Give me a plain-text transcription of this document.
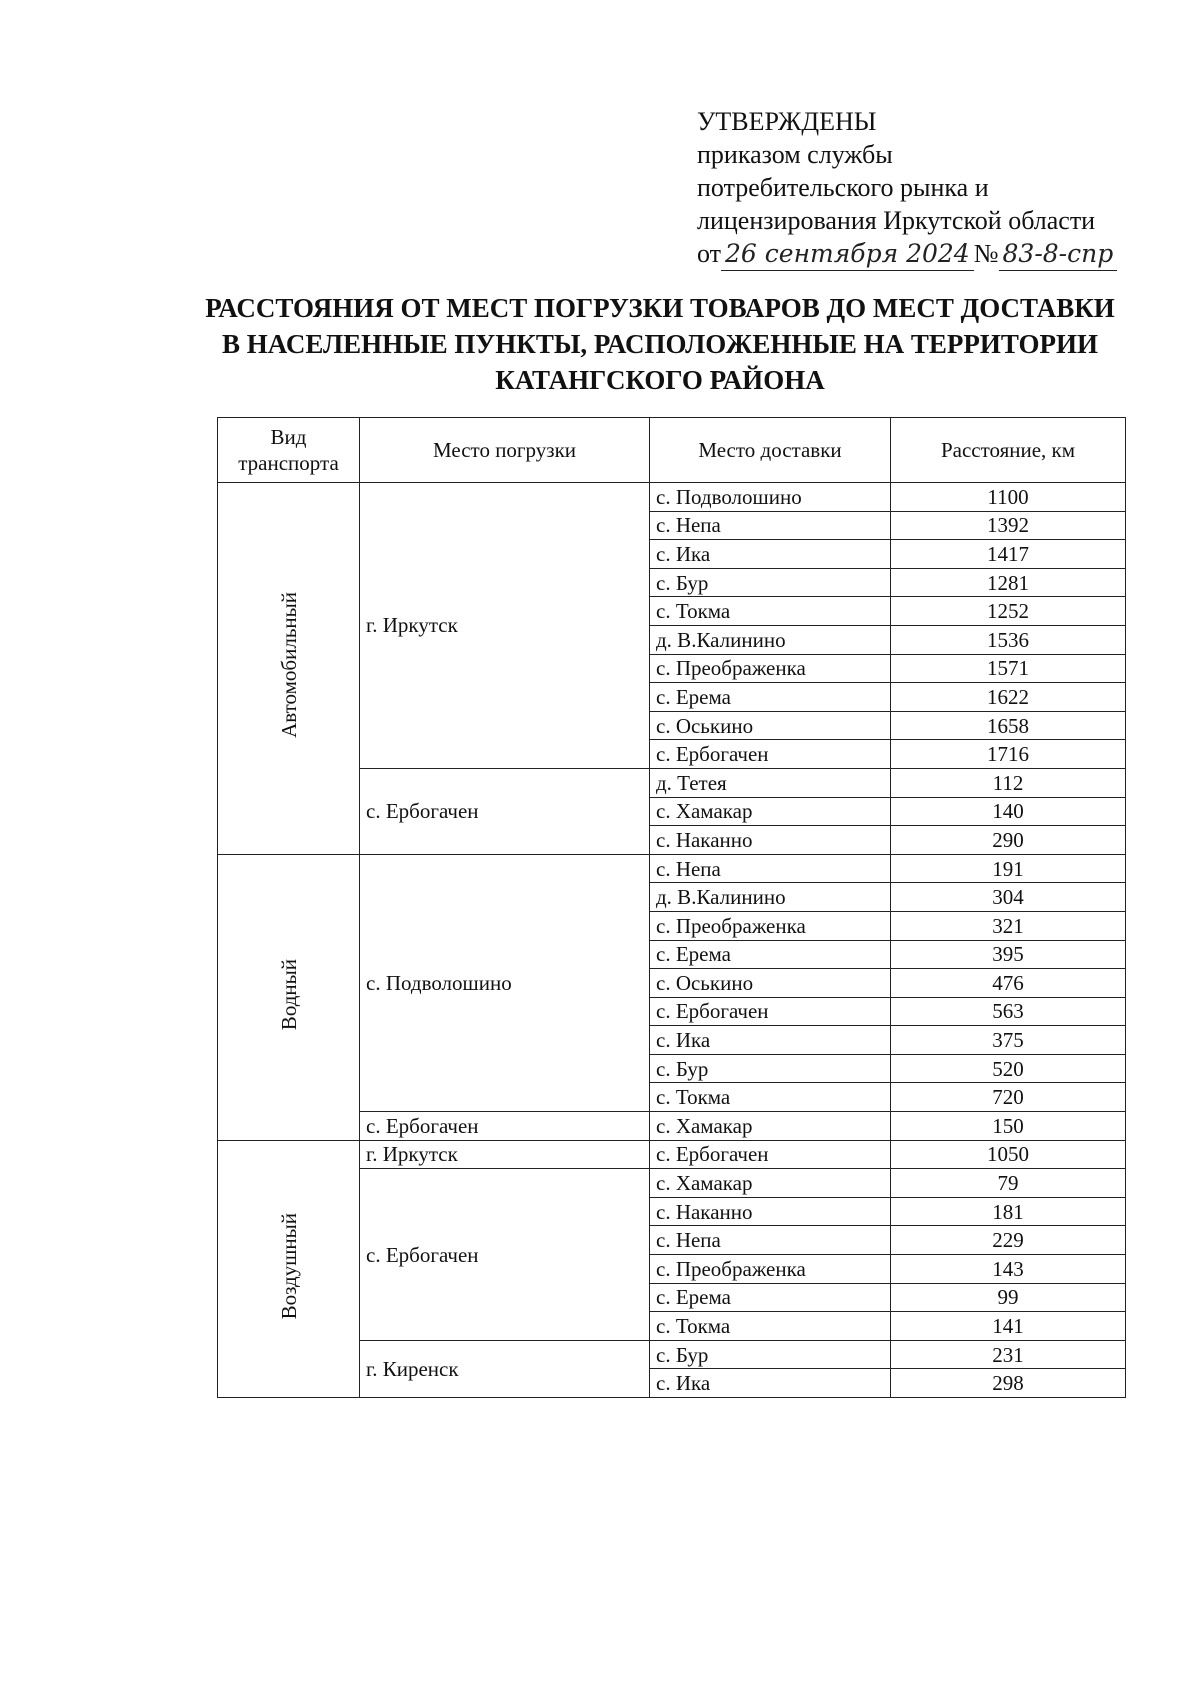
УТВЕРЖДЕНЫ
приказом службы
потребительского рынка и
лицензирования Иркутской области
от 26 сентября 2024 № 83-8-спр
РАССТОЯНИЯ ОТ МЕСТ ПОГРУЗКИ ТОВАРОВ ДО МЕСТ ДОСТАВКИ
В НАСЕЛЕННЫЕ ПУНКТЫ, РАСПОЛОЖЕННЫЕ НА ТЕРРИТОРИИ
КАТАНГСКОГО РАЙОНА
Вид
транспорта	Место погрузки	Место доставки	Расстояние, км
Автомобильный	г. Иркутск	с. Подволошино	1100
		с. Непа	1392
		с. Ика	1417
		с. Бур	1281
		с. Токма	1252
		д. В.Калинино	1536
		с. Преображенка	1571
		с. Ерема	1622
		с. Оськино	1658
		с. Ербогачен	1716
	с. Ербогачен	д. Тетея	112
		с. Хамакар	140
		с. Наканно	290
Водный	с. Подволошино	с. Непа	191
		д. В.Калинино	304
		с. Преображенка	321
		с. Ерема	395
		с. Оськино	476
		с. Ербогачен	563
		с. Ика	375
		с. Бур	520
		с. Токма	720
	с. Ербогачен	с. Хамакар	150
Воздушный	г. Иркутск	с. Ербогачен	1050
	с. Ербогачен	с. Хамакар	79
		с. Наканно	181
		с. Непа	229
		с. Преображенка	143
		с. Ерема	99
		с. Токма	141
	г. Киренск	с. Бур	231
		с. Ика	298
